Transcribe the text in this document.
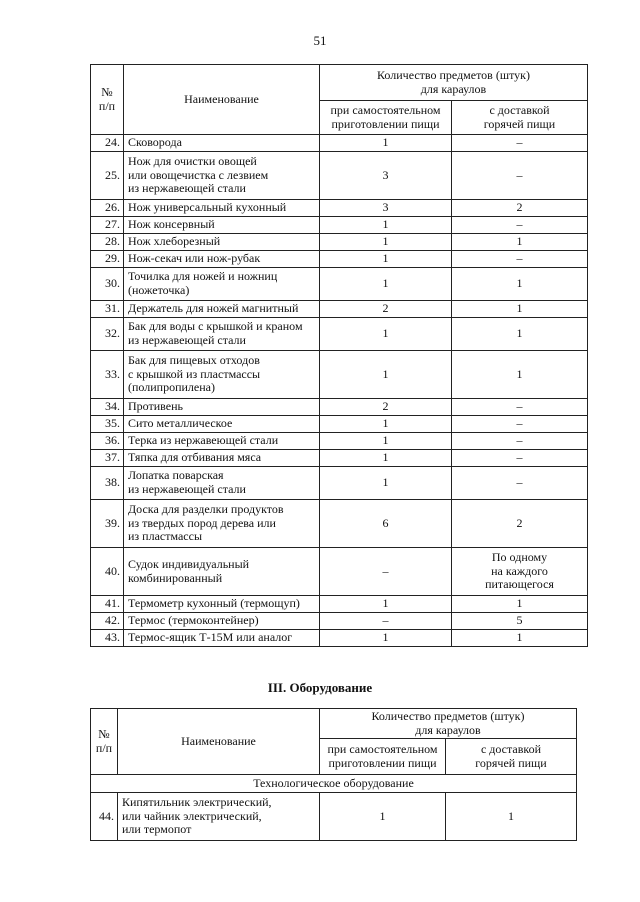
51
№
п/п	Наименование	Количество предметов (штук)
для караулов	
		при самостоятельном
приготовлении пищи	с доставкой
горячей пищи
24.	Сковорода	1	–
25.	Нож для очистки овощей
или овощечистка с лезвием
из нержавеющей стали	3	–
26.	Нож универсальный кухонный	3	2
27.	Нож консервный	1	–
28.	Нож хлеборезный	1	1
29.	Нож-секач или нож-рубак	1	–
30.	Точилка для ножей и ножниц
(ножеточка)	1	1
31.	Держатель для ножей магнитный	2	1
32.	Бак для воды с крышкой и краном
из нержавеющей стали	1	1
33.	Бак для пищевых отходов
с крышкой из пластмассы
(полипропилена)	1	1
34.	Противень	2	–
35.	Сито металлическое	1	–
36.	Терка из нержавеющей стали	1	–
37.	Тяпка для отбивания мяса	1	–
38.	Лопатка поварская
из нержавеющей стали	1	–
39.	Доска для разделки продуктов
из твердых пород дерева или
из пластмассы	6	2
40.	Судок индивидуальный
комбинированный	–	По одному
на каждого
питающегося
41.	Термометр кухонный (термощуп)	1	1
42.	Термос (термоконтейнер)	–	5
43.	Термос-ящик Т-15М или аналог	1	1
III. Оборудование
№
п/п	Наименование	Количество предметов (штук)
для караулов	
		при самостоятельном
приготовлении пищи	с доставкой
горячей пищи
Технологическое оборудование			
44.	Кипятильник электрический,
или чайник электрический,
или термопот	1	1
